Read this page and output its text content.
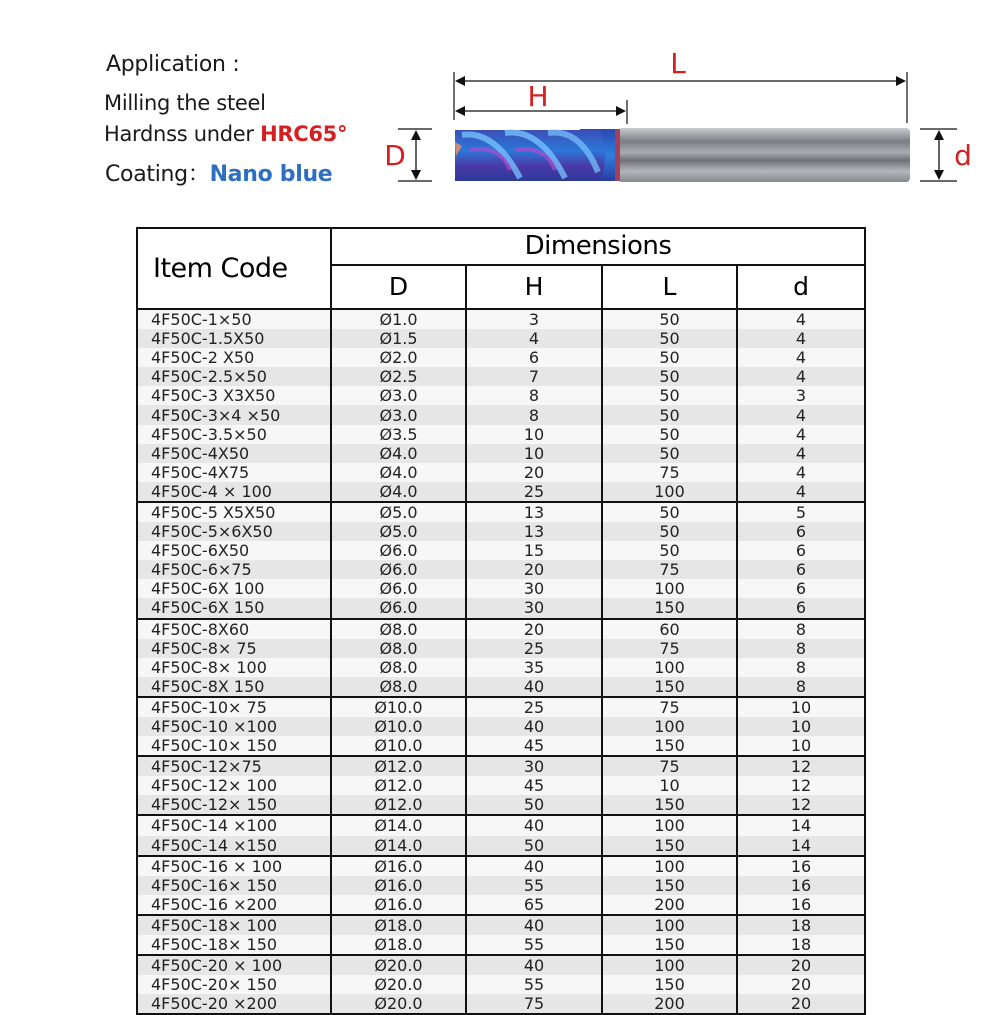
Application :
Milling the steel
Hardnss under HRC65°
Coating：Nano blue
L
H
D	d
Item Code	Dimensions			
	D	H	L	d
4F50C-1×50	Ø1.0	3	50	4
4F50C-1.5X50	Ø1.5	4	50	4
4F50C-2 X50	Ø2.0	6	50	4
4F50C-2.5×50	Ø2.5	7	50	4
4F50C-3 X3X50	Ø3.0	8	50	3
4F50C-3×4 ×50	Ø3.0	8	50	4
4F50C-3.5×50	Ø3.5	10	50	4
4F50C-4X50	Ø4.0	10	50	4
4F50C-4X75	Ø4.0	20	75	4
4F50C-4 × 100	Ø4.0	25	100	4
4F50C-5 X5X50	Ø5.0	13	50	5
4F50C-5×6X50	Ø5.0	13	50	6
4F50C-6X50	Ø6.0	15	50	6
4F50C-6×75	Ø6.0	20	75	6
4F50C-6X 100	Ø6.0	30	100	6
4F50C-6X 150	Ø6.0	30	150	6
4F50C-8X60	Ø8.0	20	60	8
4F50C-8× 75	Ø8.0	25	75	8
4F50C-8× 100	Ø8.0	35	100	8
4F50C-8X 150	Ø8.0	40	150	8
4F50C-10× 75	Ø10.0	25	75	10
4F50C-10 ×100	Ø10.0	40	100	10
4F50C-10× 150	Ø10.0	45	150	10
4F50C-12×75	Ø12.0	30	75	12
4F50C-12× 100	Ø12.0	45	10	12
4F50C-12× 150	Ø12.0	50	150	12
4F50C-14 ×100	Ø14.0	40	100	14
4F50C-14 ×150	Ø14.0	50	150	14
4F50C-16 × 100	Ø16.0	40	100	16
4F50C-16× 150	Ø16.0	55	150	16
4F50C-16 ×200	Ø16.0	65	200	16
4F50C-18× 100	Ø18.0	40	100	18
4F50C-18× 150	Ø18.0	55	150	18
4F50C-20 × 100	Ø20.0	40	100	20
4F50C-20× 150	Ø20.0	55	150	20
4F50C-20 ×200	Ø20.0	75	200	20
